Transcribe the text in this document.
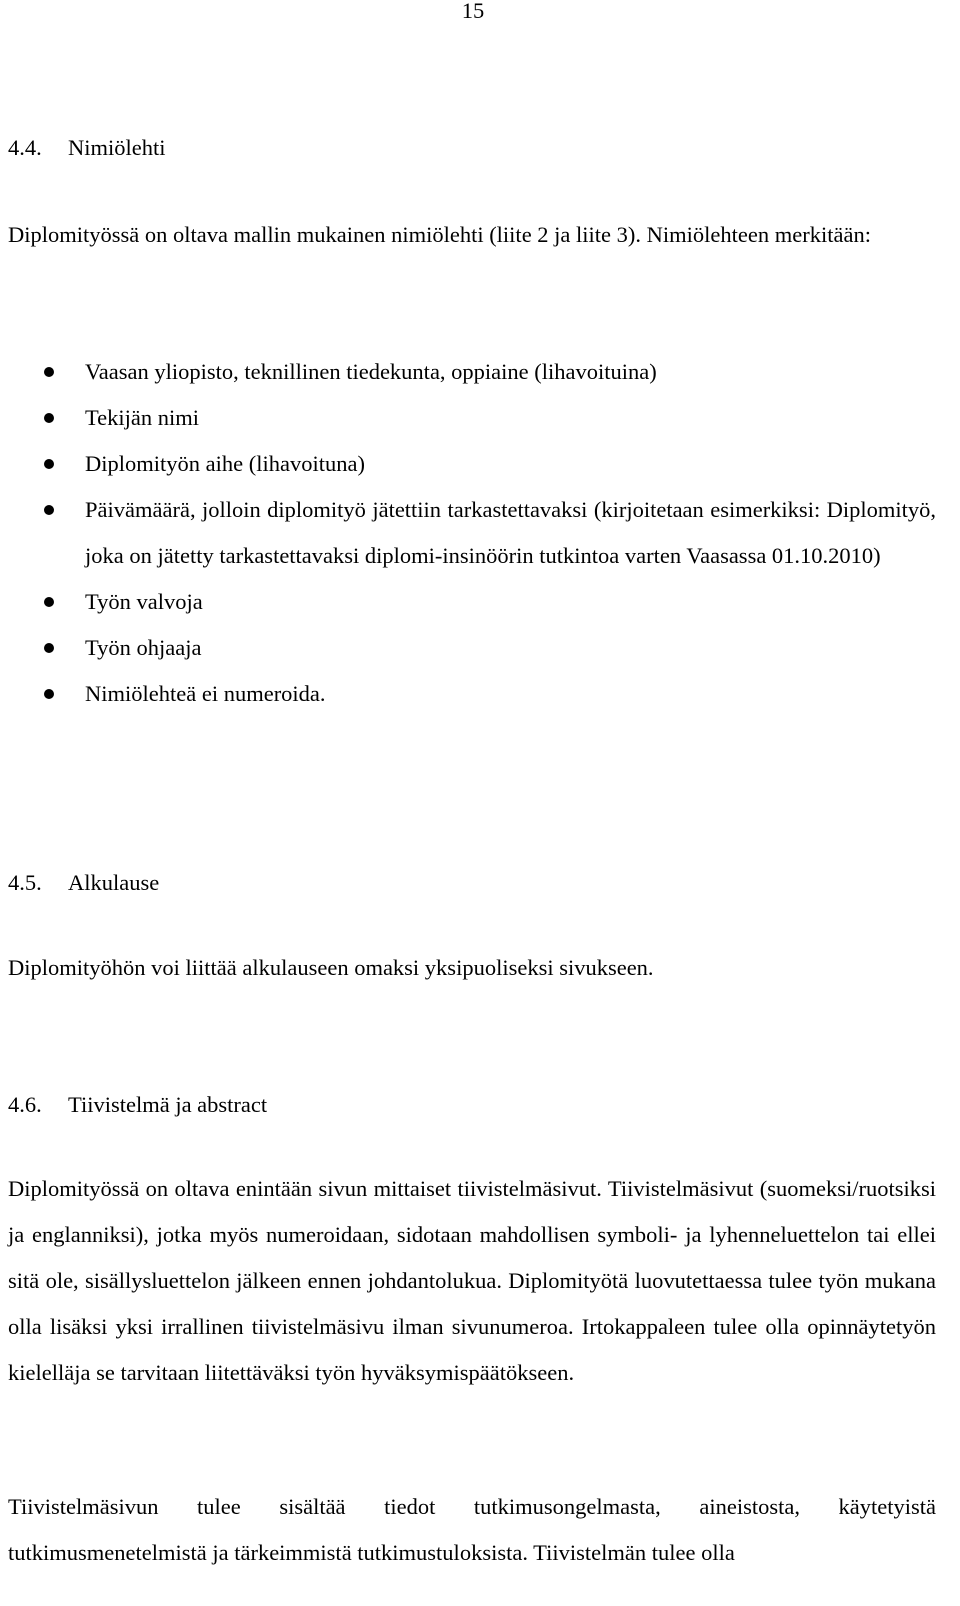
15
4.4. Nimiölehti

Diplomityössä on oltava mallin mukainen nimiölehti (liite 2 ja liite 3). Nimiölehteen merkitään:

Vaasan yliopisto, teknillinen tiedekunta, oppiaine (lihavoituina)
Tekijän nimi
Diplomityön aihe (lihavoituna)
Päivämäärä, jolloin diplomityö jätettiin tarkastettavaksi (kirjoitetaan esimerkiksi: Diplomityö, joka on jätetty tarkastettavaksi diplomi-insinöörin tutkintoa varten Vaasassa 01.10.2010)
Työn valvoja
Työn ohjaaja
Nimiölehteä ei numeroida.
4.5. Alkulause

Diplomityöhön voi liittää alkulauseen omaksi yksipuoliseksi sivukseen.

4.6. Tiivistelmä ja abstract

Diplomityössä on oltava enintään sivun mittaiset tiivistelmäsivut. Tiivistelmäsivut (suomeksi/ruotsiksi ja englanniksi), jotka myös numeroidaan, sidotaan mahdollisen symboli- ja lyhenneluettelon tai ellei sitä ole, sisällysluettelon jälkeen ennen johdantolukua. Diplomityötä luovutettaessa tulee työn mukana olla lisäksi yksi irrallinen tiivistelmäsivu ilman sivunumeroa. Irtokappaleen tulee olla opinnäytetyön kielelläja se tarvitaan liitettäväksi työn hyväksymispäätökseen.

Tiivistelmäsivun tulee sisältää tiedot tutkimusongelmasta, aineistosta, käytetyistä tutkimusmenetelmistä ja tärkeimmistä tutkimustuloksista. Tiivistelmän tulee olla
